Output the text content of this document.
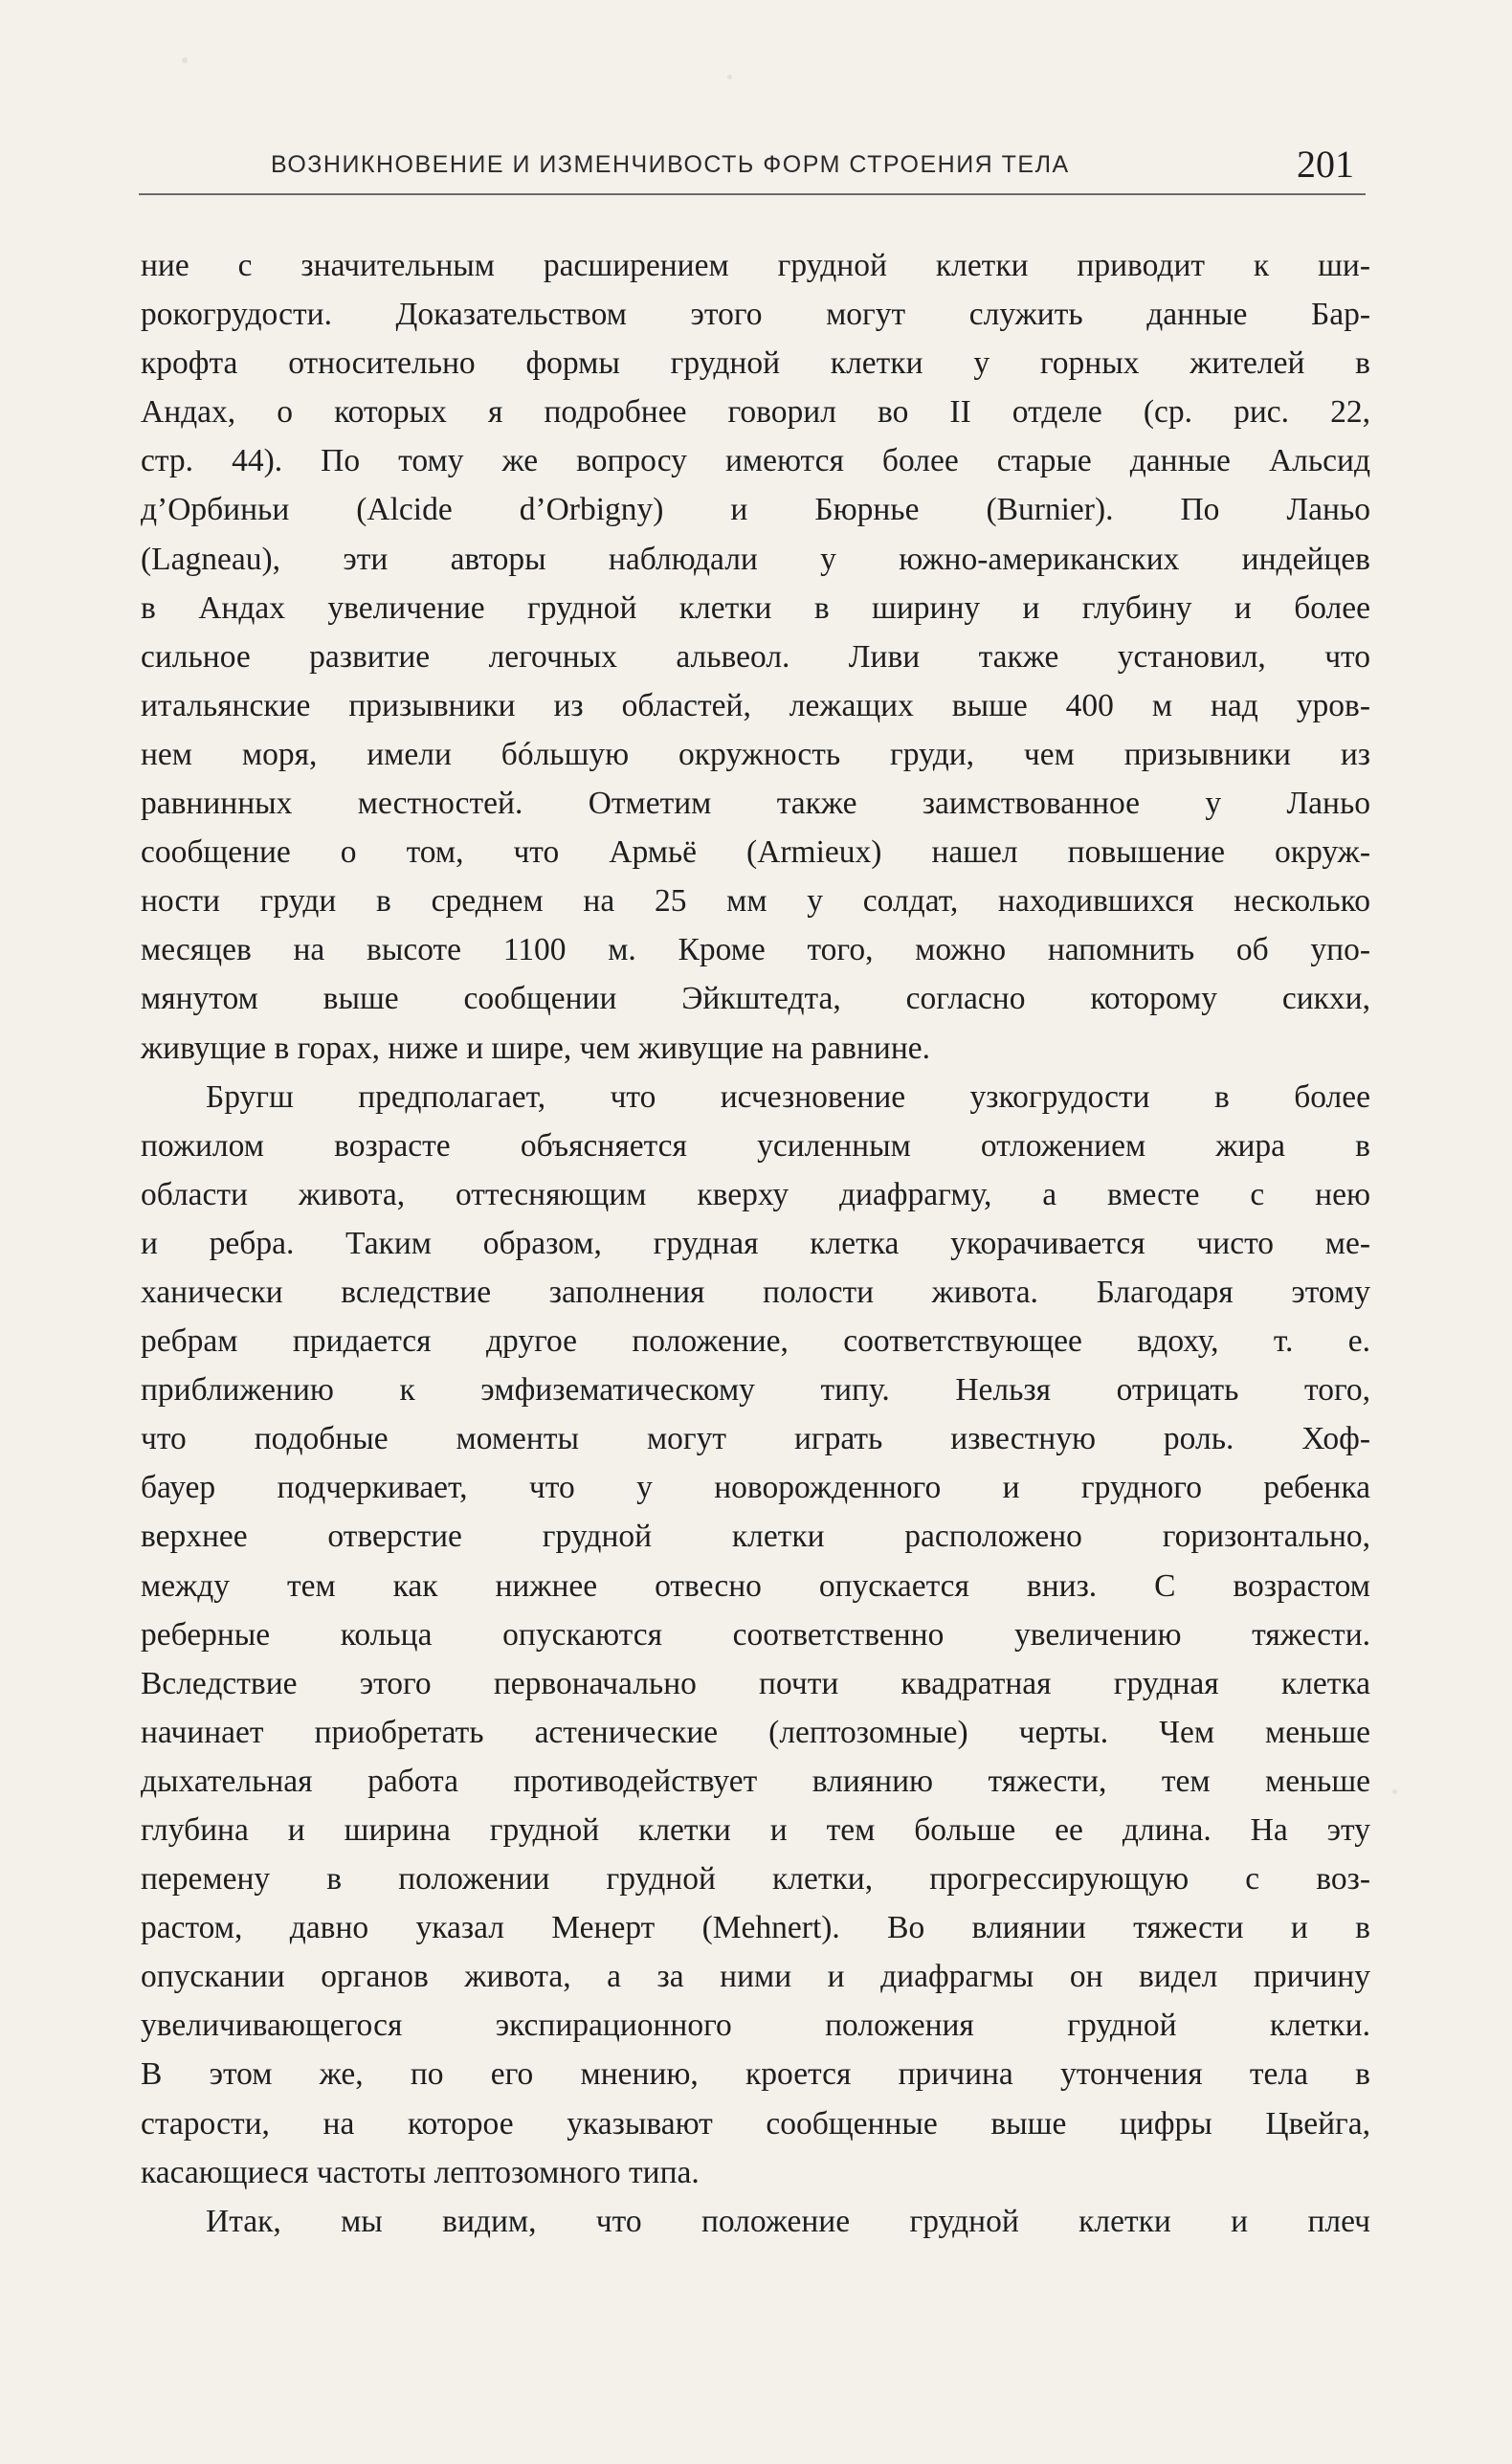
ВОЗНИКНОВЕНИЕ И ИЗМЕНЧИВОСТЬ ФОРМ СТРОЕНИЯ ТЕЛА	201
ние с значительным расширением грудной клетки приводит к ши-
рокогрудости. Доказательством этого могут служить данные Бар-
крофта относительно формы грудной клетки у горных жителей в
Андах, о которых я подробнее говорил во II отделе (ср. рис. 22,
стр. 44). По тому же вопросу имеются более старые данные Альсид
д’Орбиньи (Alcide d’Orbigny) и Бюрнье (Burnier). По Ланьо
(Lagneau), эти авторы наблюдали у южно-американских индейцев
в Андах увеличение грудной клетки в ширину и глубину и более
сильное развитие легочных альвеол. Ливи также установил, что
итальянские призывники из областей, лежащих выше 400 м над уров-
нем моря, имели бóльшую окружность груди, чем призывники из
равнинных местностей. Отметим также заимствованное у Ланьо
сообщение о том, что Армьё (Armieux) нашел повышение окруж-
ности груди в среднем на 25 мм у солдат, находившихся несколько
месяцев на высоте 1100 м. Кроме того, можно напомнить об упо-
мянутом выше сообщении Эйкштедта, согласно которому сикхи,
живущие в горах, ниже и шире, чем живущие на равнине.
Бругш предполагает, что исчезновение узкогрудости в более
пожилом возрасте объясняется усиленным отложением жира в
области живота, оттесняющим кверху диафрагму, а вместе с нею
и ребра. Таким образом, грудная клетка укорачивается чисто ме-
ханически вследствие заполнения полости живота. Благодаря этому
ребрам придается другое положение, соответствующее вдоху, т. е.
приближению к эмфизематическому типу. Нельзя отрицать того,
что подобные моменты могут играть известную роль. Хоф-
бауер подчеркивает, что у новорожденного и грудного ребенка
верхнее отверстие грудной клетки расположено горизонтально,
между тем как нижнее отвесно опускается вниз. С возрастом
реберные кольца опускаются соответственно увеличению тяжести.
Вследствие этого первоначально почти квадратная грудная клетка
начинает приобретать астенические (лептозомные) черты. Чем меньше
дыхательная работа противодействует влиянию тяжести, тем меньше
глубина и ширина грудной клетки и тем больше ее длина. На эту
перемену в положении грудной клетки, прогрессирующую с воз-
растом, давно указал Менерт (Mehnert). Во влиянии тяжести и в
опускании органов живота, а за ними и диафрагмы он видел причину
увеличивающегося экспирационного положения грудной клетки.
В этом же, по его мнению, кроется причина утончения тела в
старости, на которое указывают сообщенные выше цифры Цвейга,
касающиеся частоты лептозомного типа.
Итак, мы видим, что положение грудной клетки и плеч
